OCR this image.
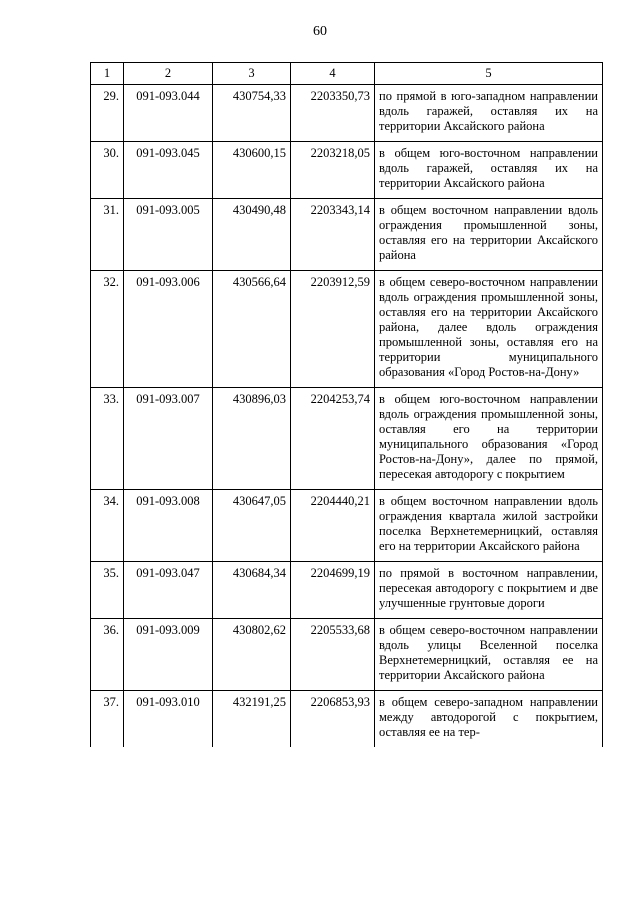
60
1	2	3	4	5
29.	091-093.044	430754,33	2203350,73	по прямой в юго-западном направлении вдоль гаражей, оставляя их на территории Аксайского района
30.	091-093.045	430600,15	2203218,05	в общем юго-восточном направлении вдоль гаражей, оставляя их на территории Аксайского района
31.	091-093.005	430490,48	2203343,14	в общем восточном направлении вдоль ограждения промышленной зоны, оставляя его на территории Аксайского района
32.	091-093.006	430566,64	2203912,59	в общем северо-восточном направлении вдоль ограждения промышленной зоны, оставляя его на территории Аксайского района, далее вдоль ограждения промышленной зоны, оставляя его на территории муниципального образования «Город Ростов-на-Дону»
33.	091-093.007	430896,03	2204253,74	в общем юго-восточном направлении вдоль ограждения промышленной зоны, оставляя его на территории муниципального образования «Город Ростов-на-Дону», далее по прямой, пересекая автодорогу с покрытием
34.	091-093.008	430647,05	2204440,21	в общем восточном направлении вдоль ограждения квартала жилой застройки поселка Верхнетемерницкий, оставляя его на территории Аксайского района
35.	091-093.047	430684,34	2204699,19	по прямой в восточном направлении, пересекая автодорогу с покрытием и две улучшенные грунтовые дороги
36.	091-093.009	430802,62	2205533,68	в общем северо-восточном направлении вдоль улицы Вселенной поселка Верхнетемерницкий, оставляя ее на территории Аксайского района
37.	091-093.010	432191,25	2206853,93	в общем северо-западном направлении между автодорогой с покрытием, оставляя ее на тер-
